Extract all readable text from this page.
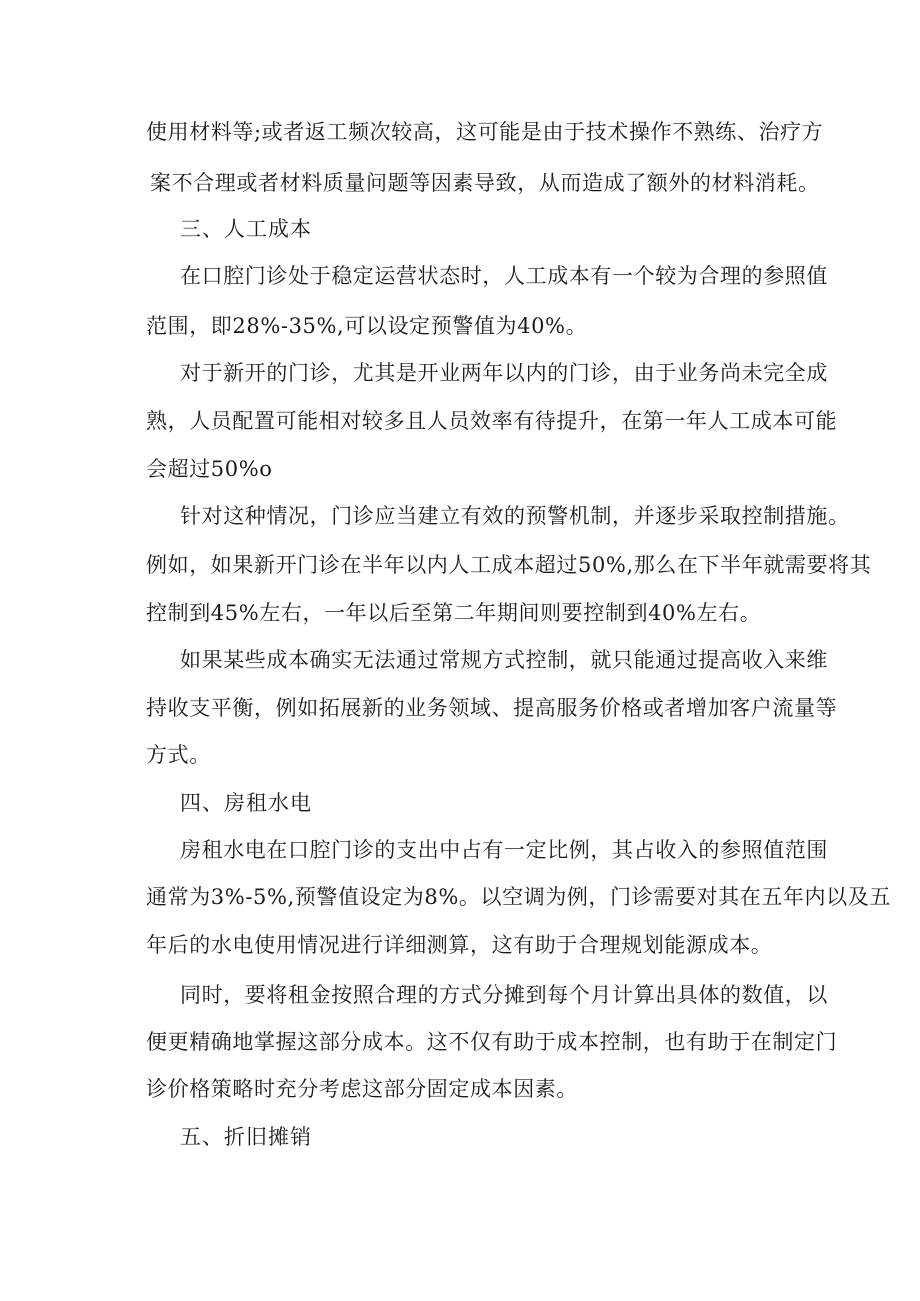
使用材料等;或者返工频次较高，这可能是由于技术操作不熟练、治疗方
案不合理或者材料质量问题等因素导致，从而造成了额外的材料消耗。
三、人工成本
在口腔门诊处于稳定运营状态时，人工成本有一个较为合理的参照值
范围，即28%-35%,可以设定预警值为40%。
对于新开的门诊，尤其是开业两年以内的门诊，由于业务尚未完全成
熟，人员配置可能相对较多且人员效率有待提升，在第一年人工成本可能
会超过50%o
针对这种情况，门诊应当建立有效的预警机制，并逐步采取控制措施。
例如，如果新开门诊在半年以内人工成本超过50%,那么在下半年就需要将其
控制到45%左右，一年以后至第二年期间则要控制到40%左右。
如果某些成本确实无法通过常规方式控制，就只能通过提高收入来维
持收支平衡，例如拓展新的业务领域、提高服务价格或者增加客户流量等
方式。
四、房租水电
房租水电在口腔门诊的支出中占有一定比例，其占收入的参照值范围
通常为3%-5%,预警值设定为8%。以空调为例，门诊需要对其在五年内以及五
年后的水电使用情况进行详细测算，这有助于合理规划能源成本。
同时，要将租金按照合理的方式分摊到每个月计算出具体的数值，以
便更精确地掌握这部分成本。这不仅有助于成本控制，也有助于在制定门
诊价格策略时充分考虑这部分固定成本因素。
五、折旧摊销
